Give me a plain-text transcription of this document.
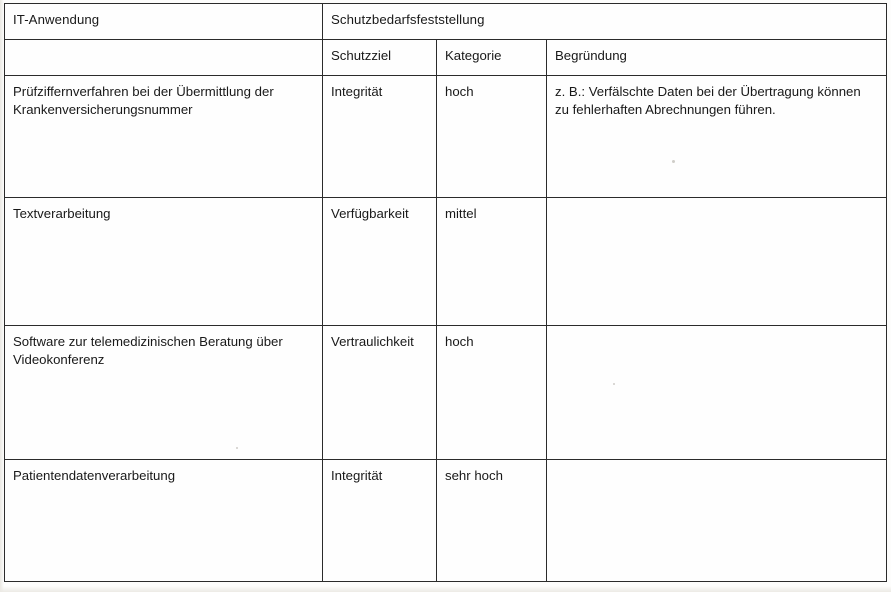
IT-Anwendung	Schutzbedarfsfeststellung		
	Schutzziel	Kategorie	Begründung

Prüfziffernverfahren bei der Übermittlung der Krankenversicherungsnummer	Integrität	hoch	z. B.: Verfälschte Daten bei der Übertragung können zu fehlerhaften Abrechnungen führen.

Textverarbeitung	Verfügbarkeit	mittel	

Software zur telemedizinischen Beratung über Videokonferenz	Vertraulichkeit	hoch	

Patientendatenverarbeitung	Integrität	sehr hoch	
